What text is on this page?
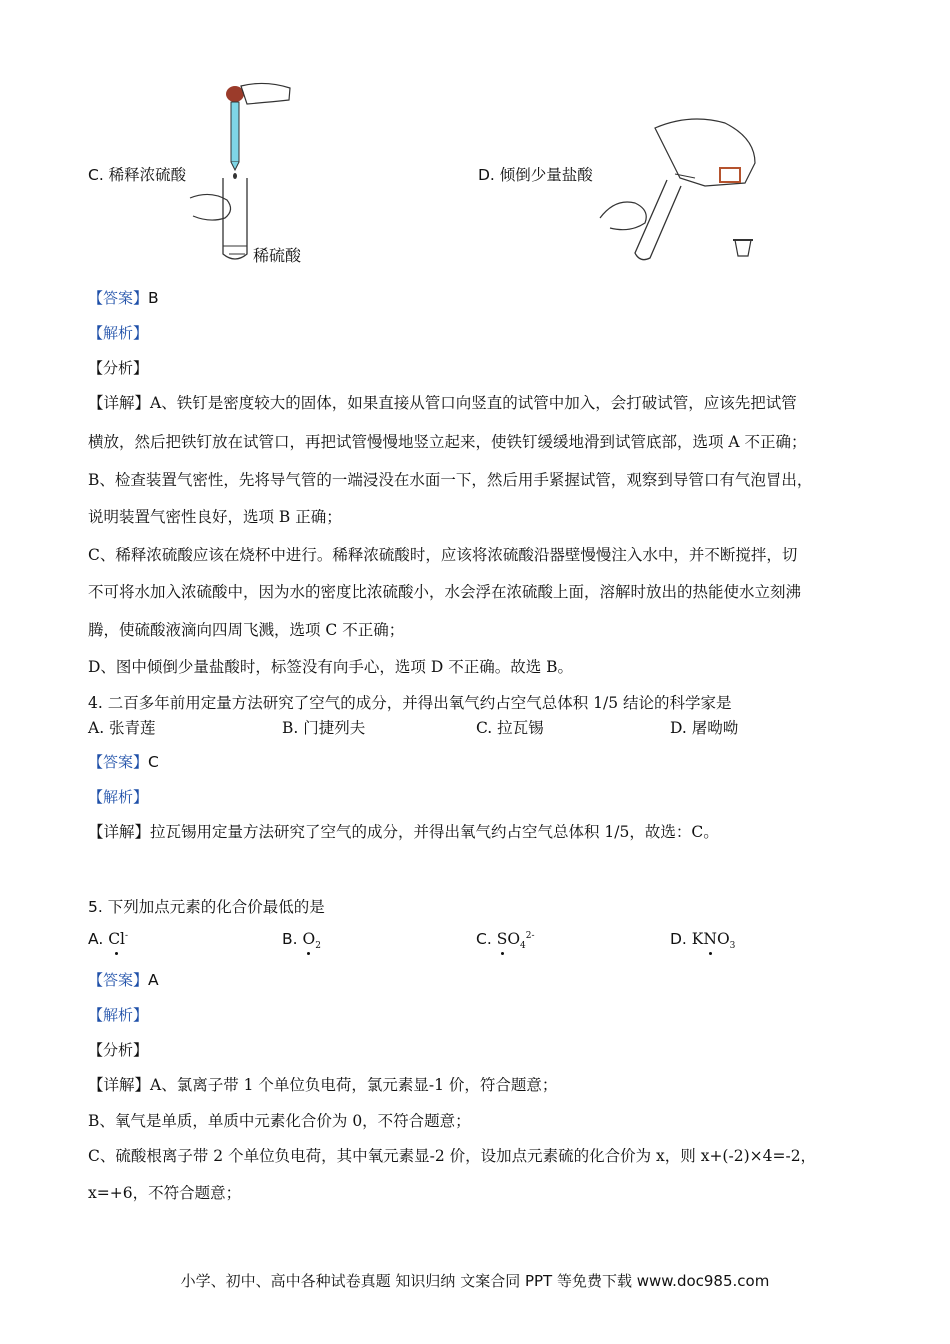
C. 稀释浓硫酸
稀硫酸
D. 倾倒少量盐酸
【答案】B
【解析】
【分析】
【详解】A、铁钉是密度较大的固体，如果直接从管口向竖直的试管中加入，会打破试管，应该先把试管
横放，然后把铁钉放在试管口，再把试管慢慢地竖立起来，使铁钉缓缓地滑到试管底部，选项 A 不正确；
B、检查装置气密性，先将导气管的一端浸没在水面一下，然后用手紧握试管，观察到导管口有气泡冒出，
说明装置气密性良好，选项 B 正确；
C、稀释浓硫酸应该在烧杯中进行。稀释浓硫酸时，应该将浓硫酸沿器壁慢慢注入水中，并不断搅拌，切
不可将水加入浓硫酸中，因为水的密度比浓硫酸小，水会浮在浓硫酸上面，溶解时放出的热能使水立刻沸
腾，使硫酸液滴向四周飞溅，选项 C 不正确；
D、图中倾倒少量盐酸时，标签没有向手心，选项 D 不正确。故选 B。
4. 二百多年前用定量方法研究了空气的成分，并得出氧气约占空气总体积 1/5 结论的科学家是
A. 张青莲	B. 门捷列夫	C. 拉瓦锡	D. 屠呦呦
【答案】C
【解析】
【详解】拉瓦锡用定量方法研究了空气的成分，并得出氧气约占空气总体积 1/5，故选：C。
5. 下列加点元素的化合价最低的是
A. Cl-	B. $O_2$	C. $SO_4^{2-}$	D. $KNO_3$
【答案】A
【解析】
【分析】
【详解】A、氯离子带 1 个单位负电荷，氯元素显-1 价，符合题意；
B、氧气是单质，单质中元素化合价为 0，不符合题意；
C、硫酸根离子带 2 个单位负电荷，其中氧元素显-2 价，设加点元素硫的化合价为 x，则 x+(-2)×4=-2，
x=+6，不符合题意；
小学、初中、高中各种试卷真题 知识归纳 文案合同 PPT 等免费下载 www.doc985.com
